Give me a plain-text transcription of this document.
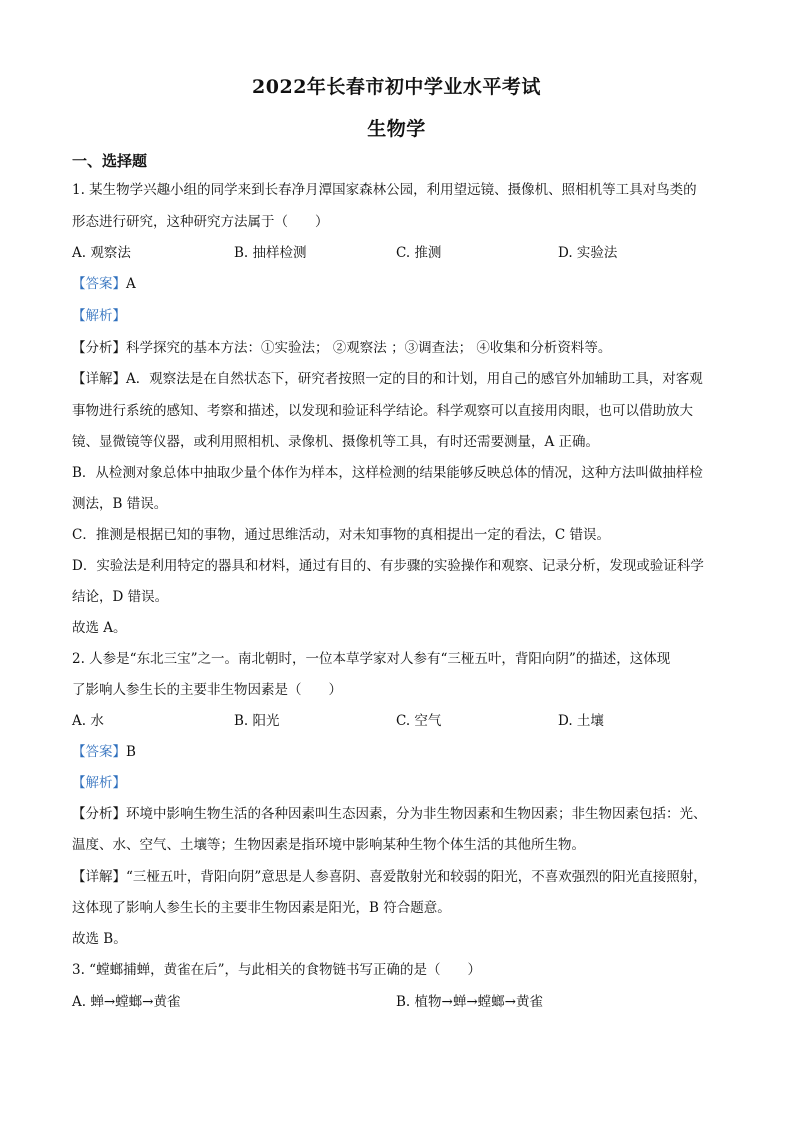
2022年长春市初中学业水平考试
生物学
一、选择题
1. 某生物学兴趣小组的同学来到长春净月潭国家森林公园，利用望远镜、摄像机、照相机等工具对鸟类的
形态进行研究，这种研究方法属于（　　）
A. 观察法	B. 抽样检测	C. 推测	D. 实验法
【答案】A
【解析】
【分析】科学探究的基本方法：①实验法； ②观察法 ；③调查法； ④收集和分析资料等。
【详解】A．观察法是在自然状态下，研究者按照一定的目的和计划，用自己的感官外加辅助工具，对客观
事物进行系统的感知、考察和描述，以发现和验证科学结论。科学观察可以直接用肉眼，也可以借助放大
镜、显微镜等仪器，或利用照相机、录像机、摄像机等工具，有时还需要测量，A 正确。
B．从检测对象总体中抽取少量个体作为样本，这样检测的结果能够反映总体的情况，这种方法叫做抽样检
测法，B 错误。
C．推测是根据已知的事物，通过思维活动，对未知事物的真相提出一定的看法，C 错误。
D．实验法是利用特定的器具和材料，通过有目的、有步骤的实验操作和观察、记录分析，发现或验证科学
结论，D 错误。
故选 A。
2. 人参是“东北三宝”之一。南北朝时，一位本草学家对人参有“三桠五叶，背阳向阴”的描述，这体现
了影响人参生长的主要非生物因素是（　　）
A. 水	B. 阳光	C. 空气	D. 土壤
【答案】B
【解析】
【分析】环境中影响生物生活的各种因素叫生态因素，分为非生物因素和生物因素；非生物因素包括：光、
温度、水、空气、土壤等；生物因素是指环境中影响某种生物个体生活的其他所生物。
【详解】“三桠五叶，背阳向阴”意思是人参喜阴、喜爱散射光和较弱的阳光，不喜欢强烈的阳光直接照射，
这体现了影响人参生长的主要非生物因素是阳光，B 符合题意。
故选 B。
3. “螳螂捕蝉，黄雀在后”，与此相关的食物链书写正确的是（　　）
A. 蝉→螳螂→黄雀	B. 植物→蝉→螳螂→黄雀
